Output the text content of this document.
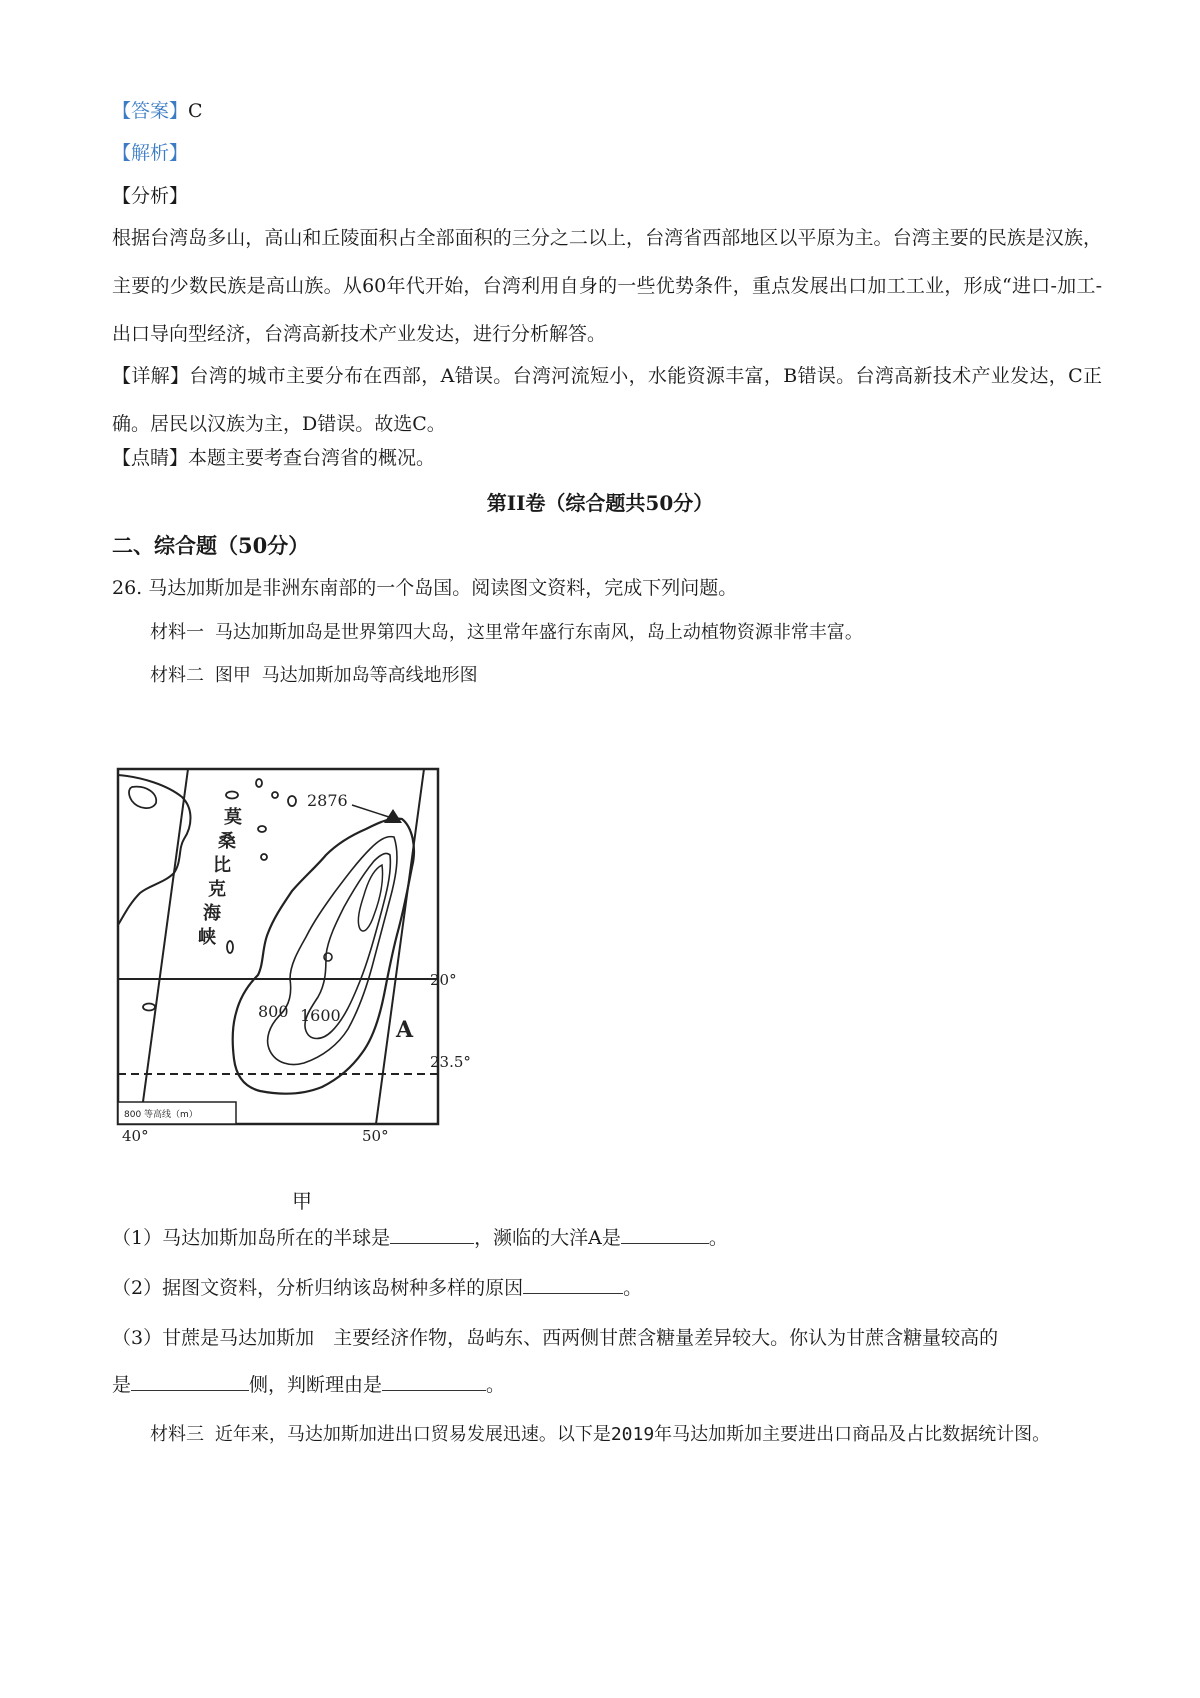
【答案】C
【解析】
【分析】
根据台湾岛多山，高山和丘陵面积占全部面积的三分之二以上，台湾省西部地区以平原为主。台湾主要的民族是汉族，主要的少数民族是高山族。从60年代开始，台湾利用自身的一些优势条件，重点发展出口加工工业，形成“进口-加工-出口导向型经济，台湾高新技术产业发达，进行分析解答。
【详解】台湾的城市主要分布在西部，A错误。台湾河流短小，水能资源丰富，B错误。台湾高新技术产业发达，C正确。居民以汉族为主，D错误。故选C。
【点睛】本题主要考查台湾省的概况。
第II卷（综合题共50分）
二、综合题（50分）
26. 马达加斯加是非洲东南部的一个岛国。阅读图文资料，完成下列问题。
材料一 马达加斯加岛是世界第四大岛，这里常年盛行东南风，岛上动植物资源非常丰富。
材料二 图甲 马达加斯加岛等高线地形图
2876
莫
桑
比
克
海
峡
800 1600
A
20°
23.5°
40°	50°
800 等高线（m）
甲
（1）马达加斯加岛所在的半球是	，濒临的大洋A是	。
（2）据图文资料，分析归纳该岛树种多样的原因	。
（3）甘蔗是马达加斯加　主要经济作物，岛屿东、西两侧甘蔗含糖量差异较大。你认为甘蔗含糖量较高的
是	侧，判断理由是	。
材料三 近年来，马达加斯加进出口贸易发展迅速。以下是2019年马达加斯加主要进出口商品及占比数据统计图。
